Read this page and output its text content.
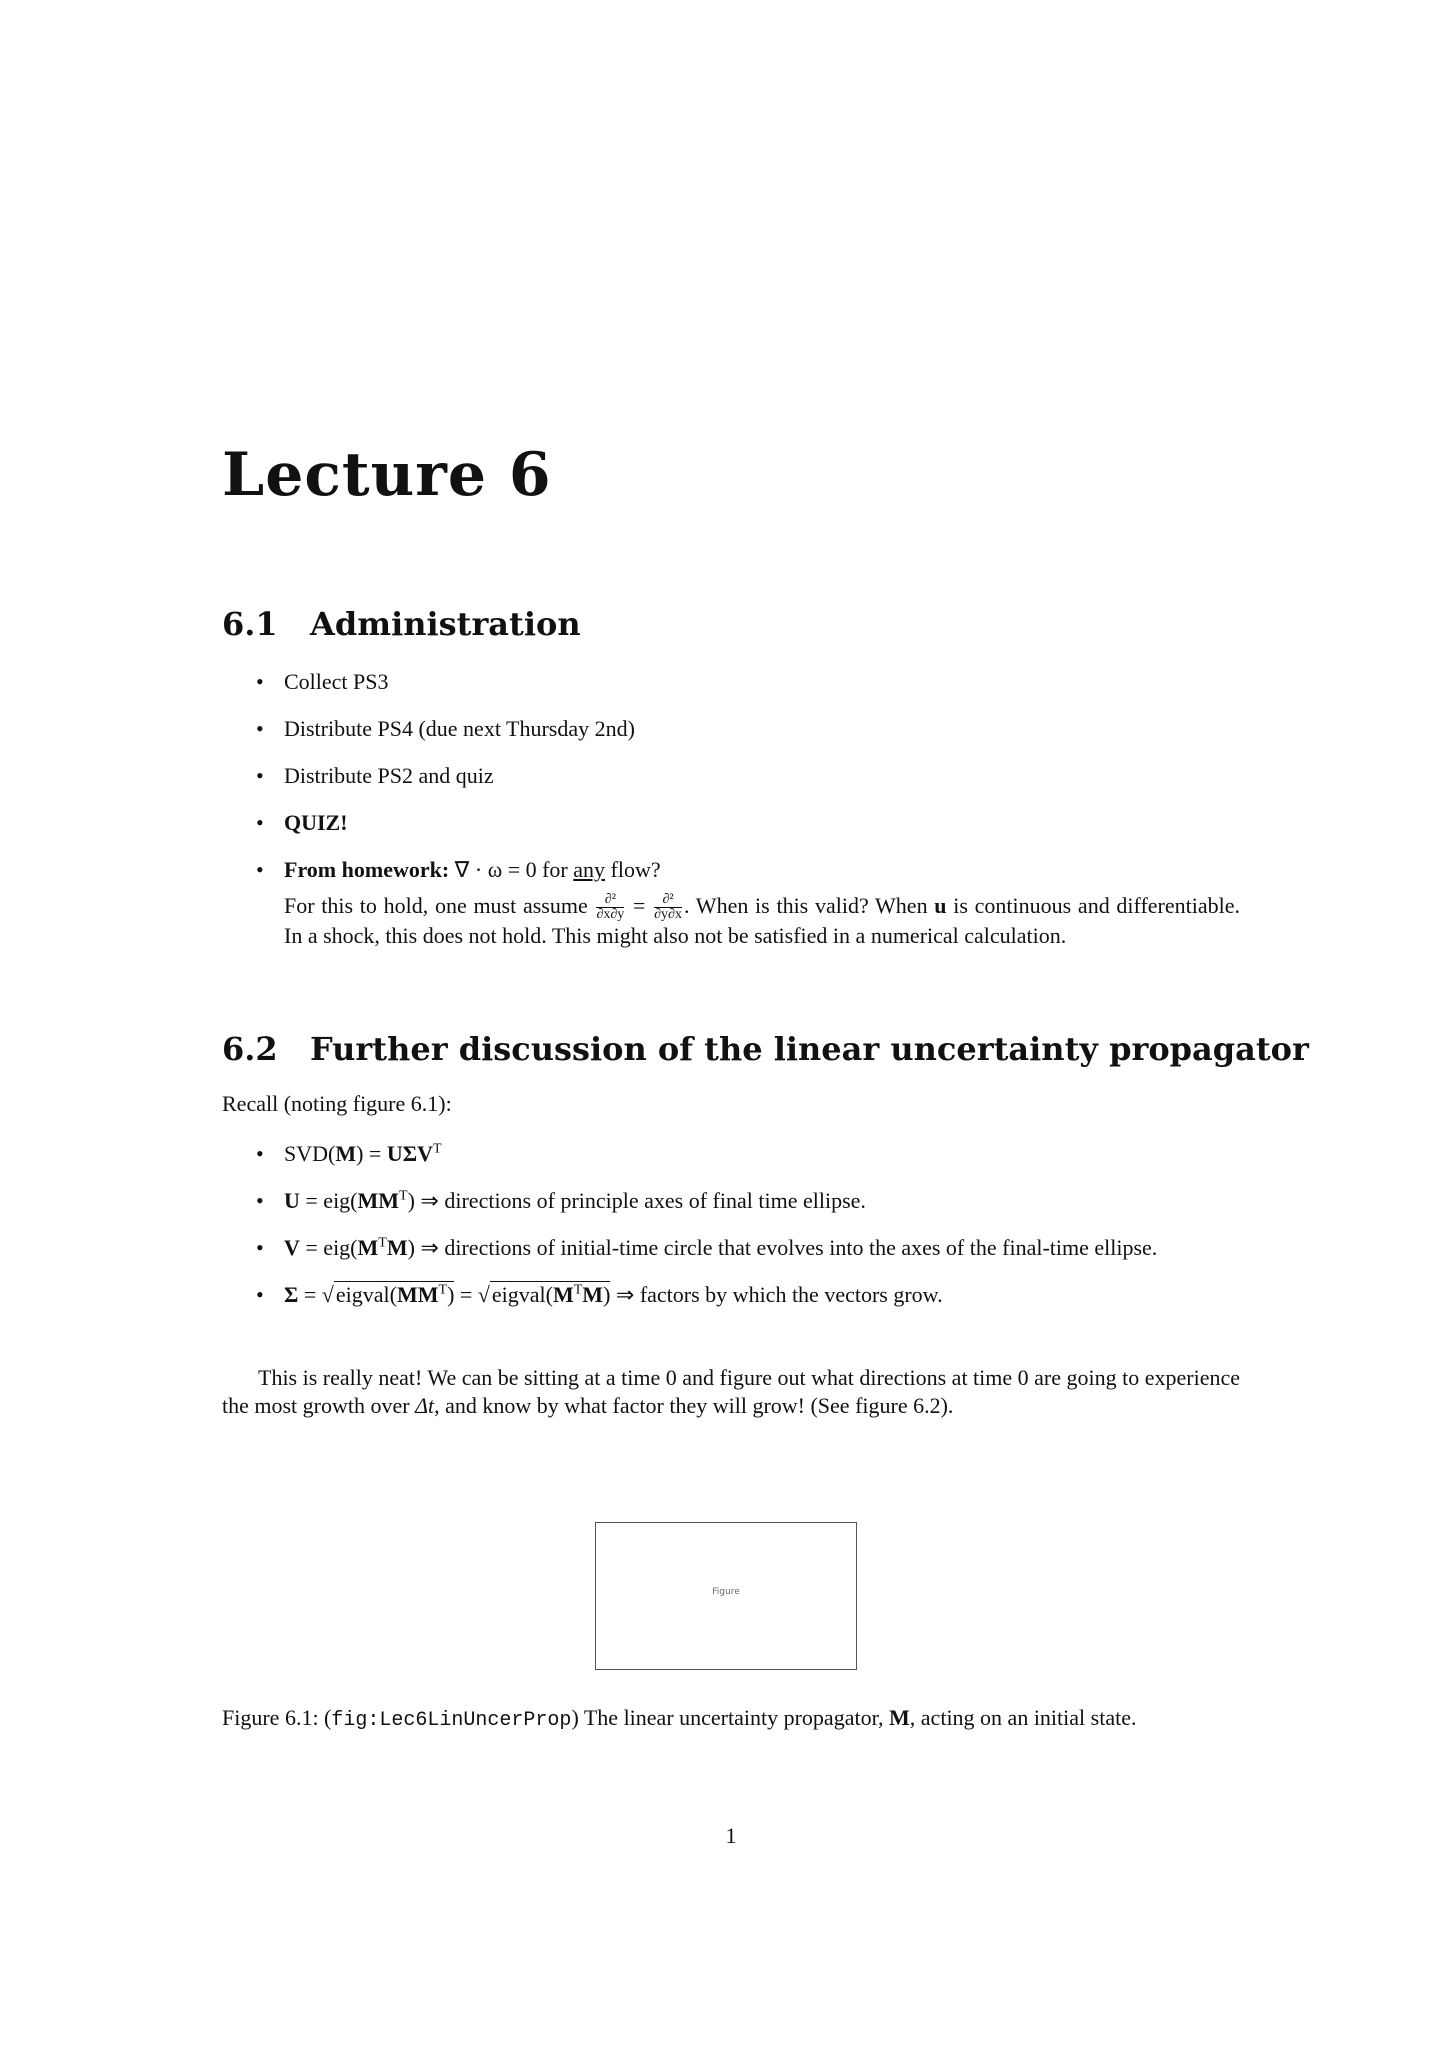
Lecture 6
6.1 Administration
• Collect PS3
• Distribute PS4 (due next Thursday 2nd)
• Distribute PS2 and quiz
• QUIZ!
• From homework: ∇ · ω = 0 for any flow?
For this to hold, one must assume $\frac{\text{∂²}}{\partial x\partial y} = \frac{\text{∂²}}{\partial y\partial x}$ . When is this valid? When u is continuous and differentiable. In a shock, this does not hold. This might also not be satisfied in a numerical calculation.
6.2 Further discussion of the linear uncertainty propagator
Recall (noting figure 6.1):
• $SVD(M) = U\Sigma V^T$
• $U = eig(MM^T)$ ⇒ directions of principle axes of final time ellipse.
• $V = eig(M^TM)$ ⇒ directions of initial-time circle that evolves into the axes of the final-time ellipse.
• $\Sigma = √eigval(MM^T)$ = $√eigval(M^TM)$ ⇒ factors by which the vectors grow.

This is really neat! We can be sitting at a time 0 and figure out what directions at time 0 are going to experience the most growth over Δt, and know by what factor they will grow! (See figure 6.2).

Figure

Figure 6.1: (fig:Lec6LinUncerProp) The linear uncertainty propagator, M, acting on an initial state.

1
